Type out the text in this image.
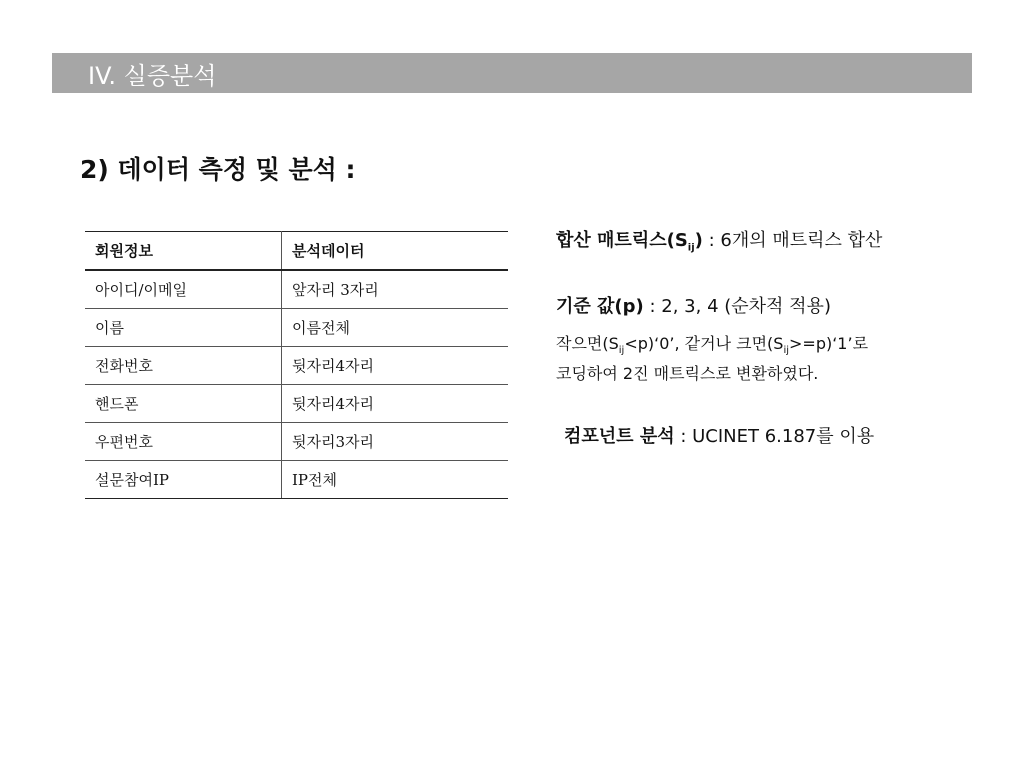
IV. 실증분석
2) 데이터 측정 및 분석 :
회원정보	분석데이터
아이디/이메일	앞자리 3자리
이름	이름전체
전화번호	뒷자리4자리
핸드폰	뒷자리4자리
우편번호	뒷자리3자리
설문참여IP	IP전체
합산 매트릭스$(S_{ij})$ : 6개의 매트릭스 합산
기준 값(p) : 2, 3, 4 (순차적 적용)
작으면$(S_{ij}<p)‘0$’, 같거나 크면$(S_{ij}>=p)‘1$’로
코딩하여 2진 매트릭스로 변환하였다.
컴포넌트 분석 : UCINET 6.187를 이용
